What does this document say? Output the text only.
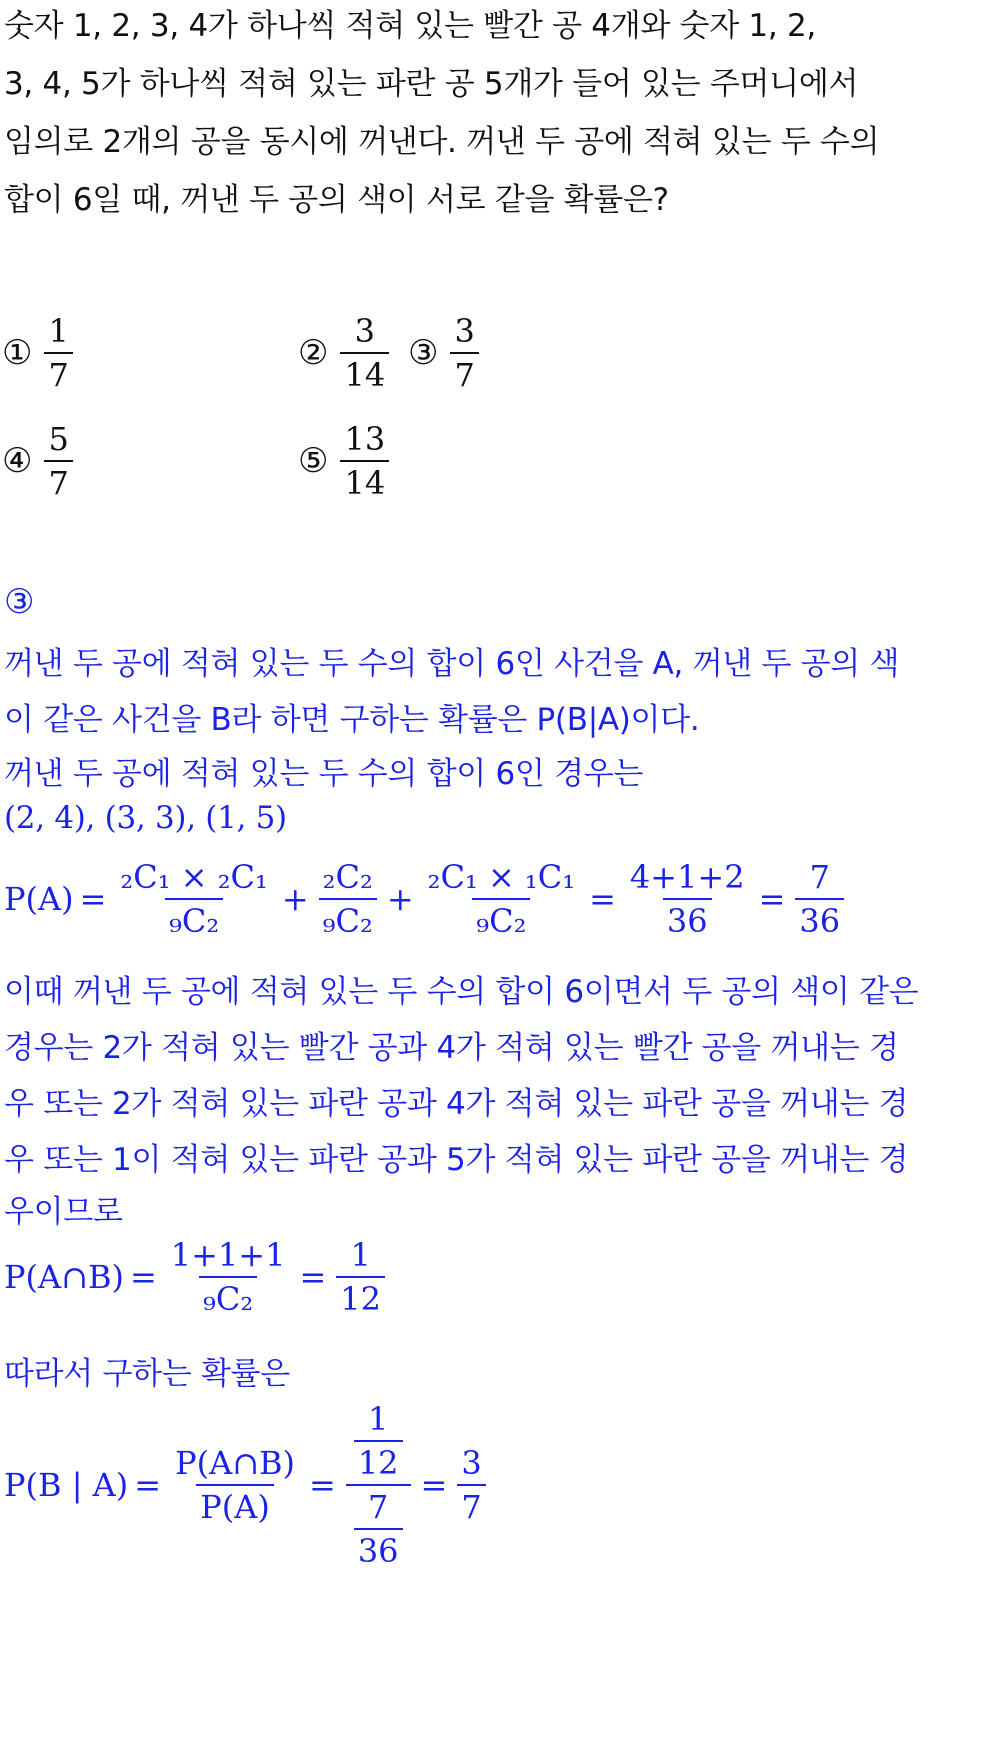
숫자 1, 2, 3, 4가 하나씩 적혀 있는 빨간 공 4개와 숫자 1, 2,
3, 4, 5가 하나씩 적혀 있는 파란 공 5개가 들어 있는 주머니에서
임의로 2개의 공을 동시에 꺼낸다. 꺼낸 두 공에 적혀 있는 두 수의
합이 6일 때, 꺼낸 두 공의 색이 서로 같을 확률은?
① $\frac{1}{7}$	② $\frac{3}{14}$ ③ $\frac{3}{7}$
④ $\frac{5}{7}$	⑤ $\frac{13}{14}$
③
꺼낸 두 공에 적혀 있는 두 수의 합이 6인 사건을 A, 꺼낸 두 공의 색
이 같은 사건을 B라 하면 구하는 확률은 P(B|A)이다.
꺼낸 두 공에 적혀 있는 두 수의 합이 6인 경우는
(2, 4), (3, 3), (1, 5)
$P(A) = \frac{\text{₂C₁ × ₂C₁}}{\text{₉C₂}} + \frac{\text{₂C₂}}{\text{₉C₂}} + \frac{\text{₂C₁ × ₁C₁}}{\text{₉C₂}} = \frac{4+1+2}{36} = \frac{7}{36}$
이때 꺼낸 두 공에 적혀 있는 두 수의 합이 6이면서 두 공의 색이 같은
경우는 2가 적혀 있는 빨간 공과 4가 적혀 있는 빨간 공을 꺼내는 경
우 또는 2가 적혀 있는 파란 공과 4가 적혀 있는 파란 공을 꺼내는 경
우 또는 1이 적혀 있는 파란 공과 5가 적혀 있는 파란 공을 꺼내는 경
우이므로
P(A∩B) = $\frac{1+1+1}{\text{₉C₂}} = \frac{1}{12}$
따라서 구하는 확률은
P(B | $A) = \frac{P(A\cap B)}{P(A)} = \frac{\frac{1}{12}}{\frac{7}{36}} = \frac{3}{7}$
